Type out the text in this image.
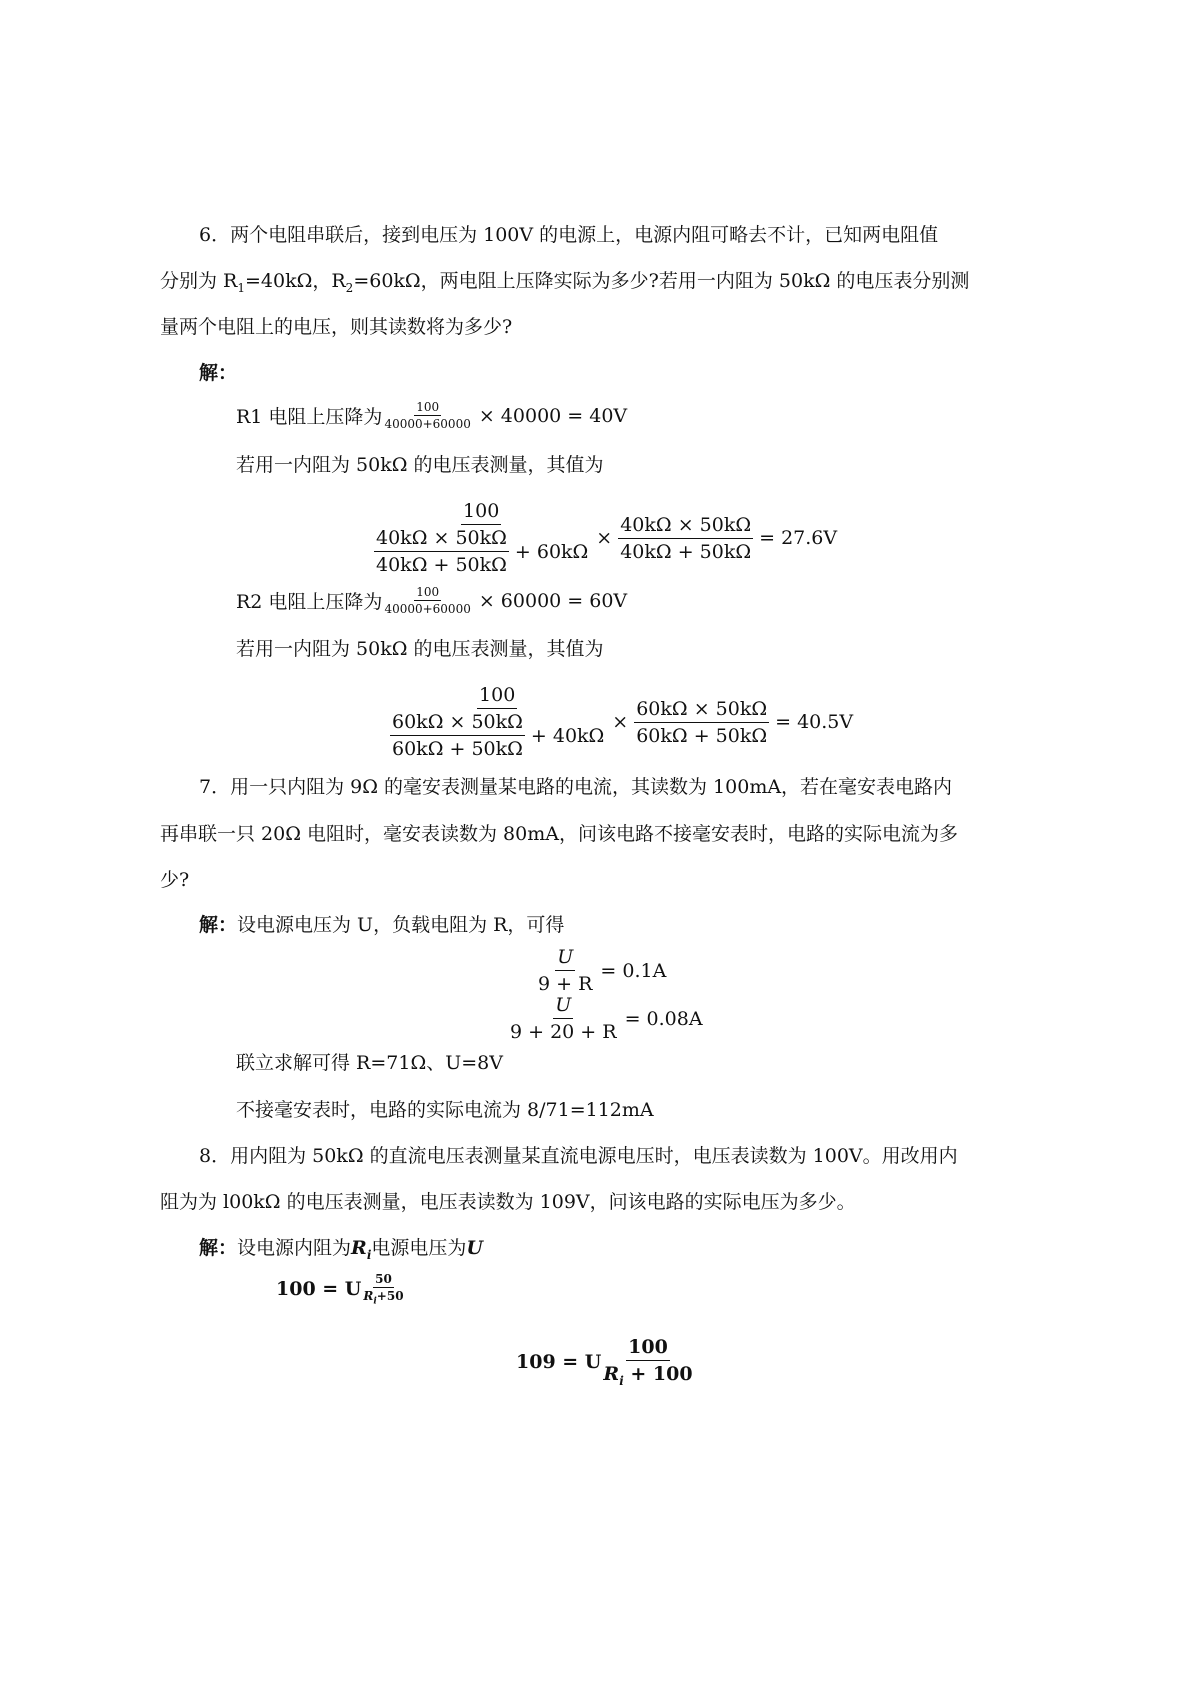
6．两个电阻串联后，接到电压为 100V 的电源上，电源内阻可略去不计，已知两电阻值
分别为 $R_1=40k\Omega$，$R_2=60k\Omega$，两电阻上压降实际为多少?若用一内阻为 50kΩ 的电压表分别测
量两个电阻上的电压，则其读数将为多少?
解：
R1 电阻上压降为 $\frac{100}{40000+60000} \times 40000 = 40V$
若用一内阻为 50kΩ 的电压表测量，其值为
$\frac{100}{\frac{40k\Omega \times 50k\Omega}{40k\Omega + 50k\Omega} + 60k\Omega} \times \frac{40k\Omega \times 50k\Omega}{40k\Omega + 50k\Omega} = 27.6V$
R2 电阻上压降为 $\frac{100}{40000+60000} \times 60000 = 60V$
若用一内阻为 50kΩ 的电压表测量，其值为
$\frac{100}{\frac{60k\Omega \times 50k\Omega}{60k\Omega + 50k\Omega} + 40k\Omega} \times \frac{60k\Omega \times 50k\Omega}{60k\Omega + 50k\Omega} = 40.5V$
7．用一只内阻为 9Ω 的毫安表测量某电路的电流，其读数为 100mA，若在毫安表电路内
再串联一只 20Ω 电阻时，毫安表读数为 80mA，问该电路不接毫安表时，电路的实际电流为多
少?
解：设电源电压为 U，负载电阻为 R，可得
$\frac{U}{9 + R} = 0.1A$
$\frac{U}{9 + 20 + R} = 0.08A$
联立求解可得 R=71Ω、U=8V
不接毫安表时，电路的实际电流为 8/71=112mA
8．用内阻为 50kΩ 的直流电压表测量某直流电源电压时，电压表读数为 100V。用改用内
阻为为 l00kΩ 的电压表测量，电压表读数为 109V，问该电路的实际电压为多少。
解：设电源内阻为$R_i$电源电压为U
100 = U $\frac{50}{R_i+50}$
109 = U $\frac{100}{R_i + 100}$
